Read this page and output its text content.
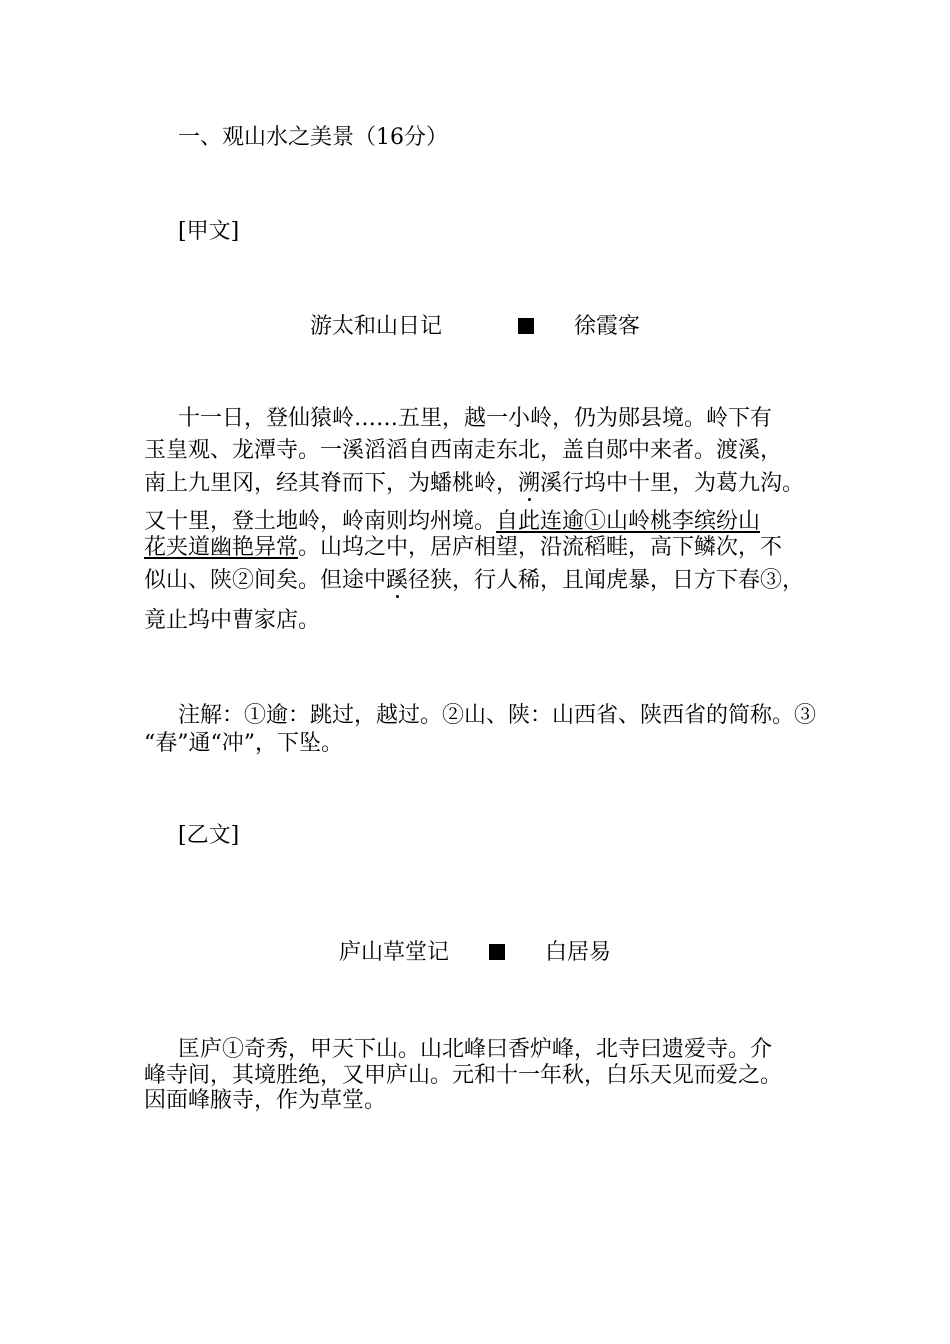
一、观山水之美景（16分）

[甲文]

游太和山日记	徐霞客

十一日，登仙猿岭……五里，越一小岭，仍为郧县境。岭下有

玉皇观、龙潭寺。一溪滔滔自西南走东北，盖自郧中来者。渡溪，

南上九里冈，经其脊而下，为蟠桃岭，溯溪行坞中十里，为葛九沟。

又十里，登土地岭，岭南则均州境。自此连逾①山岭桃李缤纷山

花夹道幽艳异常。山坞之中，居庐相望，沿流稻畦，高下鳞次，不

似山、陕②间矣。但途中蹊径狭，行人稀，且闻虎暴，日方下春③，

竟止坞中曹家店。

注解：①逾：跳过，越过。②山、陕：山西省、陕西省的简称。③

“春”通“冲”，下坠。

[乙文]

庐山草堂记	白居易

匡庐①奇秀，甲天下山。山北峰曰香炉峰，北寺曰遗爱寺。介

峰寺间，其境胜绝，又甲庐山。元和十一年秋，白乐天见而爱之。

因面峰腋寺，作为草堂。
